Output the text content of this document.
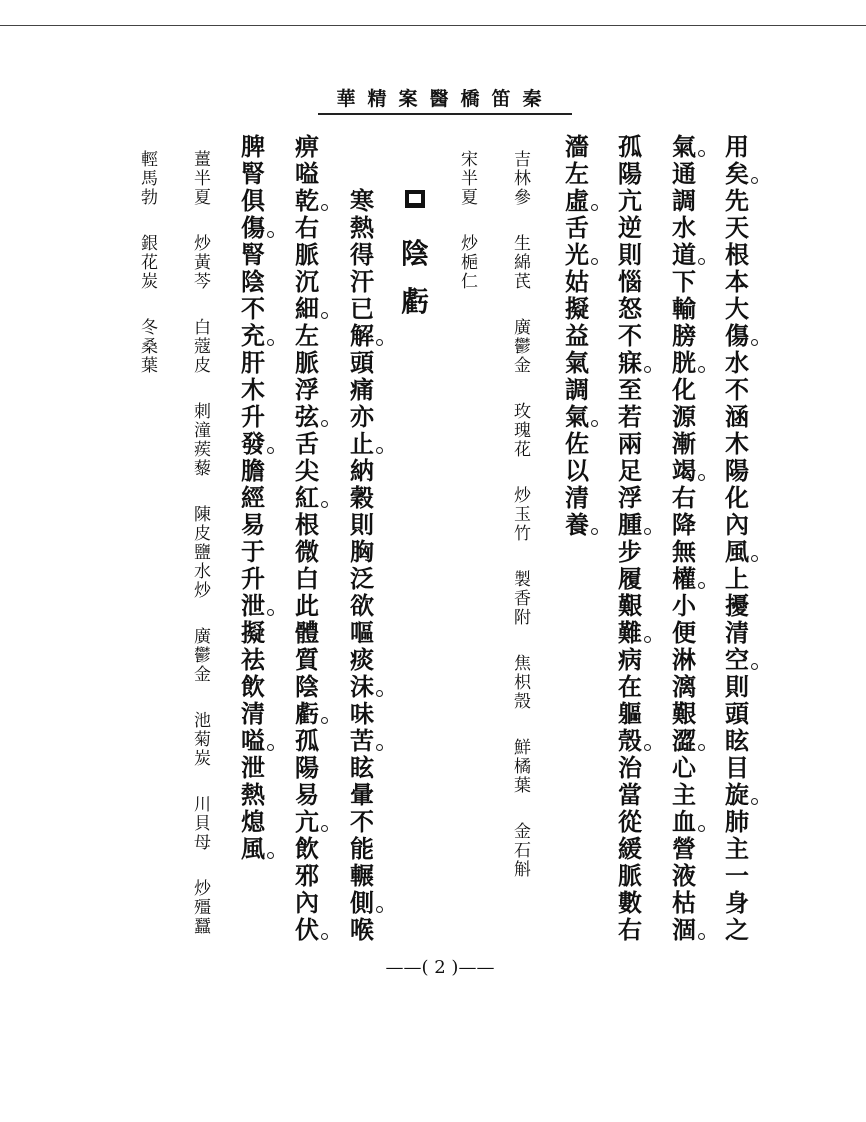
秦笛橋醫案精華
用
矣
先
天
根
本
大
傷
水
不
涵
木
陽
化
內
風
上
擾
清
空
則
頭
眩
目
旋
肺
主
一
身
之
氣
通
調
水
道
下
輸
膀
胱
化
源
漸
竭
右
降
無
權
小
便
淋
漓
艱
澀
心
主
血
營
液
枯
涸
孤
陽
亢
逆
則
惱
怒
不
寐
至
若
兩
足
浮
腫
步
履
艱
難
病
在
軀
殼
治
當
從
緩
脈
數
右
濇
左
虛
舌
光
姑
擬
益
氣
調
氣
佐
以
清
養
吉林參
生綿芪
廣鬱金
玫瑰花
炒玉竹
製香附
焦枳殼
鮮橘葉
金石斛
宋半夏
炒梔仁
陰
虧
寒
熱
得
汗
已
解
頭
痛
亦
止
納
穀
則
胸
泛
欲
嘔
痰
沫
味
苦
眩
暈
不
能
輾
側
喉
痹
嗌
乾
右
脈
沉
細
左
脈
浮
弦
舌
尖
紅
根
微
白
此
體
質
陰
虧
孤
陽
易
亢
飲
邪
內
伏
脾
腎
俱
傷
腎
陰
不
充
肝
木
升
發
膽
經
易
于
升
泄
擬
祛
飲
清
嗌
泄
熱
熄
風
薑半夏
炒黃芩
白蔻皮
刺潼蒺藜
陳皮鹽水炒
廣鬱金
池菊炭
川貝母
炒殭蠶
輕馬勃
銀花炭
冬桑葉
——( 2 )——
